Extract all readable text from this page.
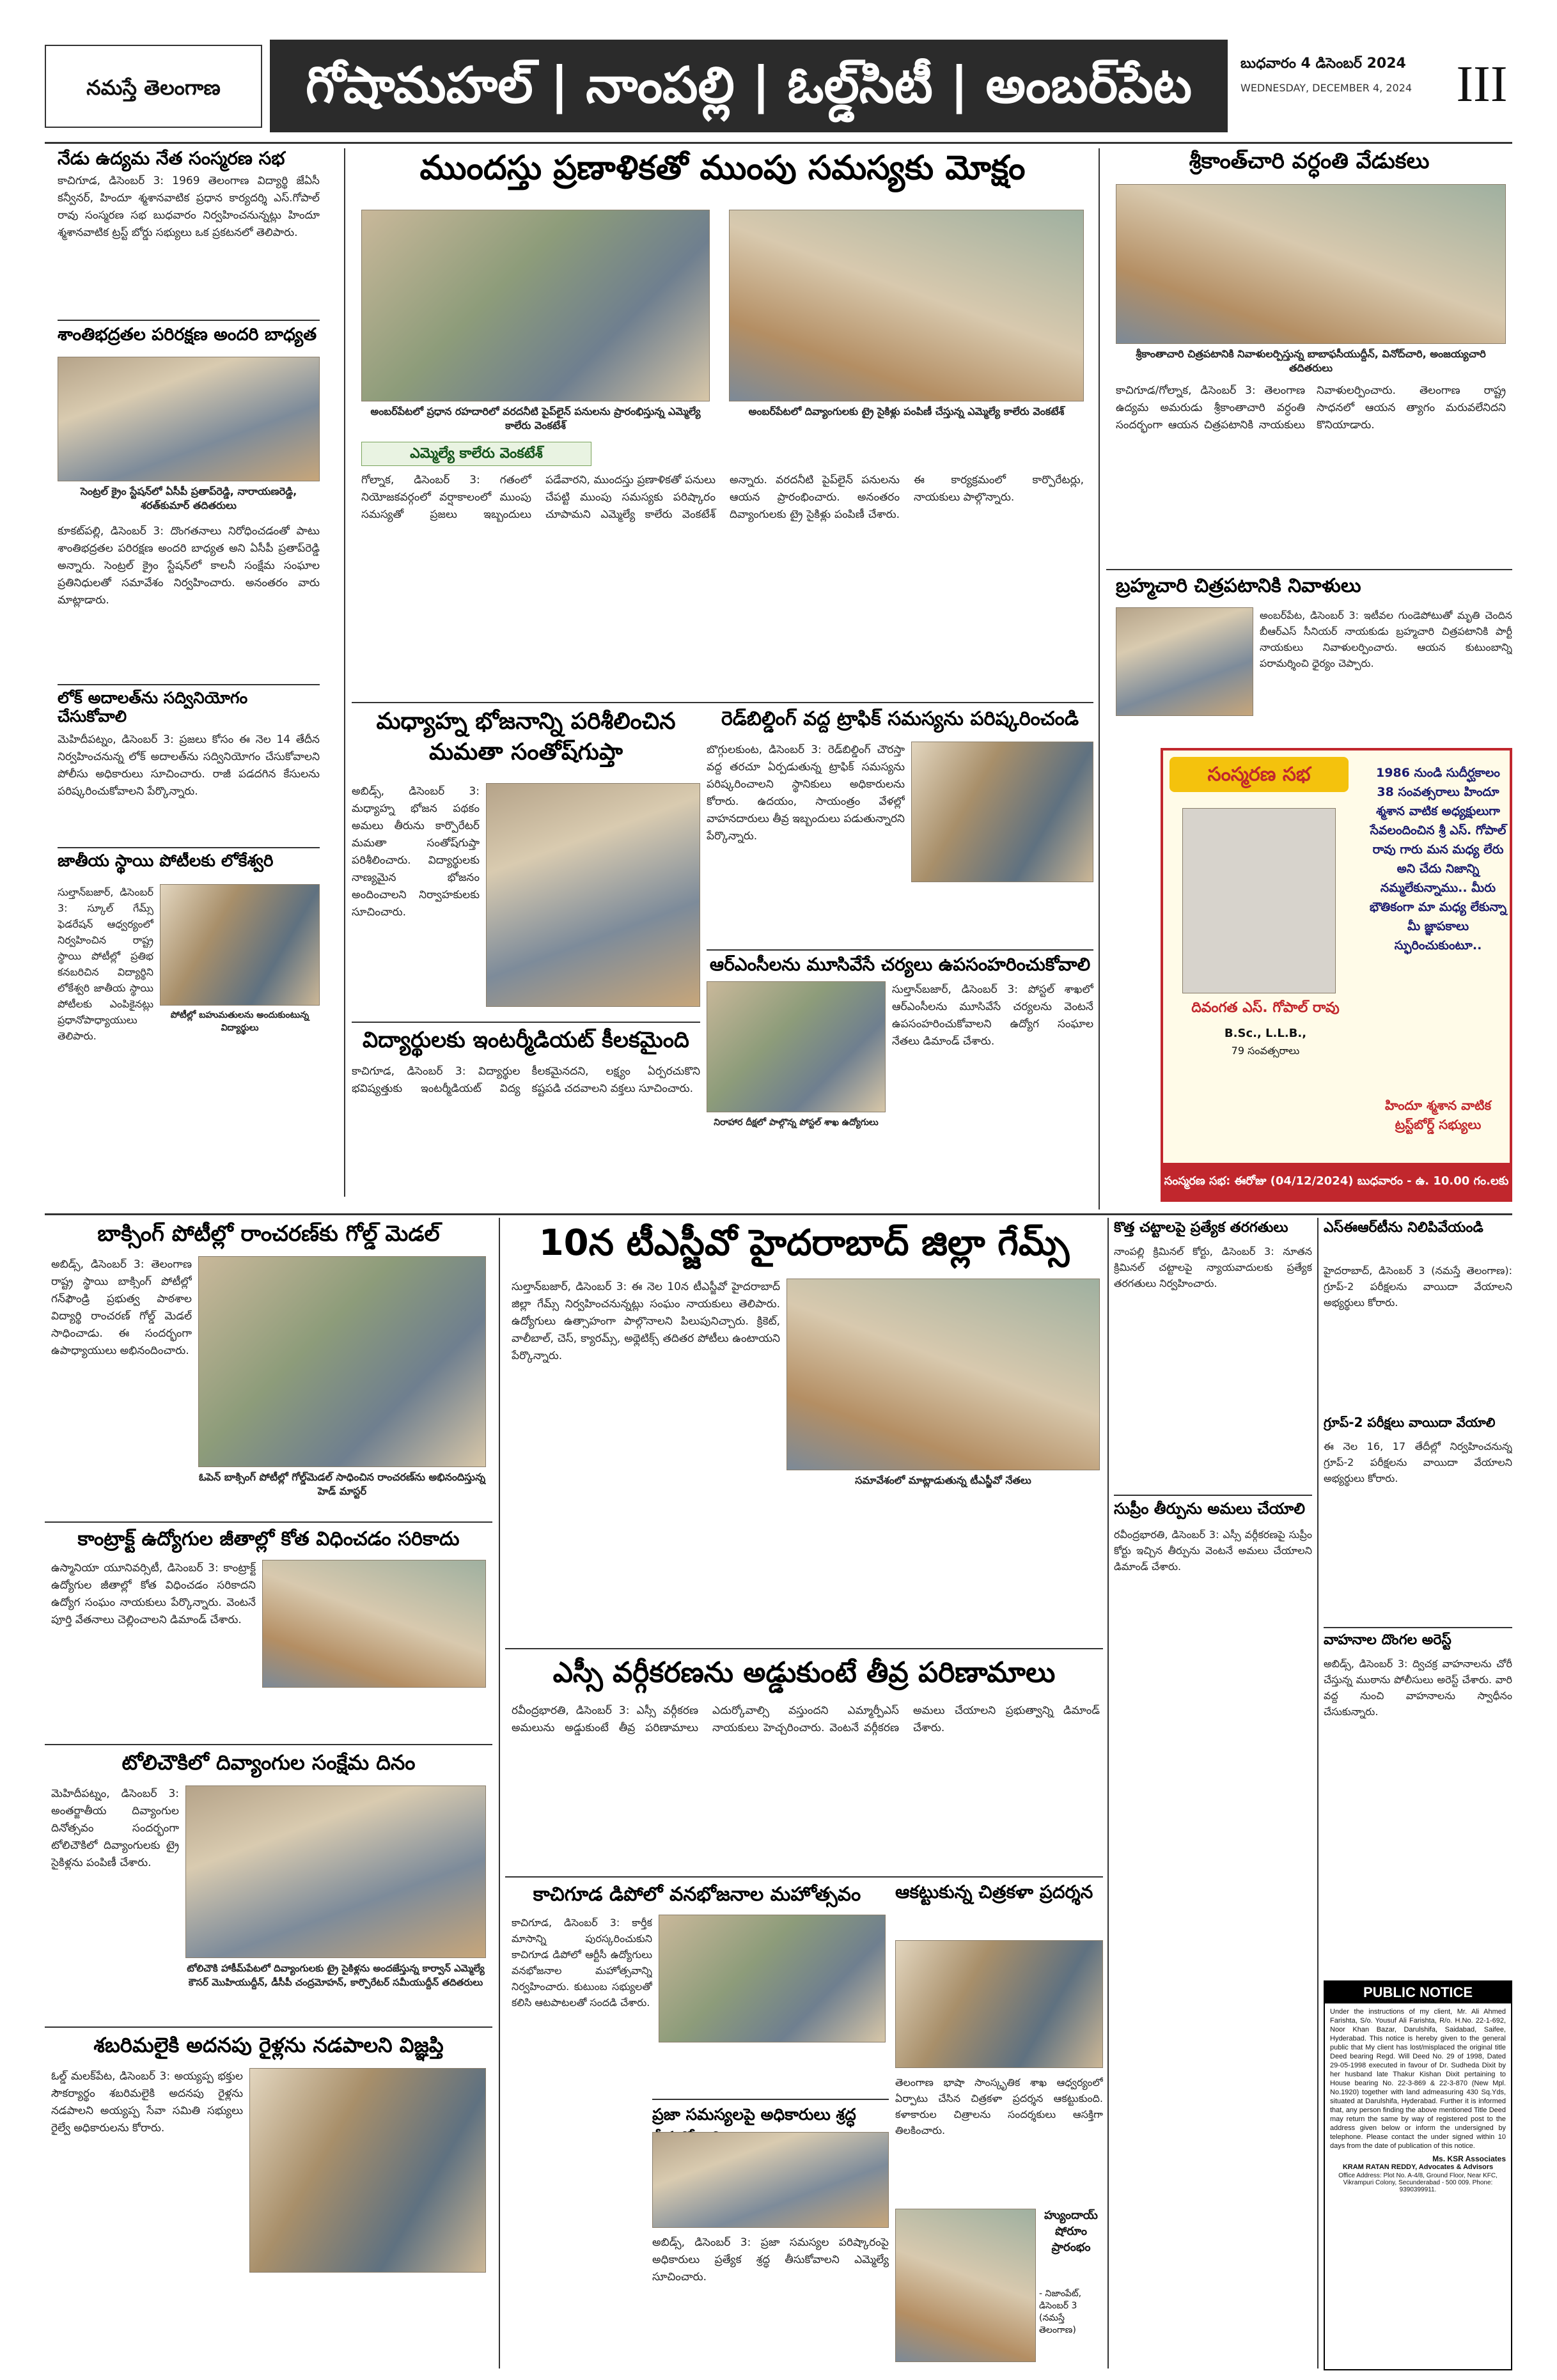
నమస్తే తెలంగాణ	గోషామహల్ | నాంపల్లి | ఓల్డ్‌సిటీ | అంబర్‌పేట	బుధవారం 4 డిసెంబర్ 2024
WEDNESDAY, DECEMBER 4, 2024 III
నేడు ఉద్యమ నేత సంస్మరణ సభ
కాచిగూడ, డిసెంబర్ 3: 1969 తెలంగాణ విద్యార్థి జేఏసీ కన్వీనర్, హిందూ శ్మశానవాటిక ప్రధాన కార్యదర్శి ఎస్.గోపాల్ రావు సంస్మరణ సభ బుధవారం నిర్వహించనున్నట్లు హిందూ శ్మశానవాటిక ట్రస్ట్ బోర్డు సభ్యులు ఒక ప్రకటనలో తెలిపారు.
శాంతిభద్రతల పరిరక్షణ అందరి బాధ్యత
సెంట్రల్ క్రైం స్టేషన్‌లో ఏసీపీ ప్రతాప్‌రెడ్డి, నారాయణరెడ్డి, శరత్‌కుమార్ తదితరులు
కూకట్‌పల్లి, డిసెంబర్ 3: దొంగతనాలు నిరోధించడంతో పాటు శాంతిభద్రతల పరిరక్షణ అందరి బాధ్యత అని ఏసీపీ ప్రతాప్‌రెడ్డి అన్నారు. సెంట్రల్ క్రైం స్టేషన్‌లో కాలనీ సంక్షేమ సంఘాల ప్రతినిధులతో సమావేశం నిర్వహించారు. అనంతరం వారు మాట్లాడారు.
లోక్ అదాలత్‌ను సద్వినియోగం చేసుకోవాలి
మెహిదీపట్నం, డిసెంబర్ 3: ప్రజలు కోసం ఈ నెల 14 తేదీన నిర్వహించనున్న లోక్ అదాలత్‌ను సద్వినియోగం చేసుకోవాలని పోలీసు అధికారులు సూచించారు. రాజీ పడదగిన కేసులను పరిష్కరించుకోవాలని పేర్కొన్నారు.
జాతీయ స్థాయి పోటీలకు లోకేశ్వరి
సుల్తాన్‌బజార్, డిసెంబర్ 3: స్కూల్ గేమ్స్ ఫెడరేషన్ ఆధ్వర్యంలో నిర్వహించిన రాష్ట్ర స్థాయి పోటీల్లో ప్రతిభ కనబరిచిన విద్యార్థిని లోకేశ్వరి జాతీయ స్థాయి పోటీలకు ఎంపికైనట్లు ప్రధానోపాధ్యాయులు తెలిపారు.
పోటీల్లో బహుమతులను అందుకుంటున్న విద్యార్థులు
ముందస్తు ప్రణాళికతో ముంపు సమస్యకు మోక్షం
అంబర్‌పేటలో ప్రధాన రహదారిలో వరదనీటి పైప్‌లైన్ పనులను ప్రారంభిస్తున్న ఎమ్మెల్యే కాలేరు వెంకటేశ్
అంబర్‌పేటలో దివ్యాంగులకు ట్రై సైకిళ్లు పంపిణీ చేస్తున్న ఎమ్మెల్యే కాలేరు వెంకటేశ్
ఎమ్మెల్యే కాలేరు వెంకటేశ్
గోల్నాక, డిసెంబర్ 3: గతంలో నియోజకవర్గంలో వర్షాకాలంలో ముంపు సమస్యతో ప్రజలు ఇబ్బందులు పడేవారని, ముందస్తు ప్రణాళికతో పనులు చేపట్టి ముంపు సమస్యకు పరిష్కారం చూపామని ఎమ్మెల్యే కాలేరు వెంకటేశ్ అన్నారు. వరదనీటి పైప్‌లైన్ పనులను ఆయన ప్రారంభించారు. అనంతరం దివ్యాంగులకు ట్రై సైకిళ్లు పంపిణీ చేశారు. ఈ కార్యక్రమంలో కార్పొరేటర్లు, నాయకులు పాల్గొన్నారు.
మధ్యాహ్న భోజనాన్ని పరిశీలించిన మమతా సంతోష్‌గుప్తా
అబిడ్స్, డిసెంబర్ 3: మధ్యాహ్న భోజన పథకం అమలు తీరును కార్పొరేటర్ మమతా సంతోష్‌గుప్తా పరిశీలించారు. విద్యార్థులకు నాణ్యమైన భోజనం అందించాలని నిర్వాహకులకు సూచించారు.
రెడ్‌బిల్డింగ్ వద్ద ట్రాఫిక్ సమస్యను పరిష్కరించండి
బొగ్గులకుంట, డిసెంబర్ 3: రెడ్‌బిల్డింగ్ చౌరస్తా వద్ద తరచూ ఏర్పడుతున్న ట్రాఫిక్ సమస్యను పరిష్కరించాలని స్థానికులు అధికారులను కోరారు. ఉదయం, సాయంత్రం వేళల్లో వాహనదారులు తీవ్ర ఇబ్బందులు పడుతున్నారని పేర్కొన్నారు.
ఆర్‌ఎంసీలను మూసివేసే చర్యలు ఉపసంహరించుకోవాలి
నిరాహార దీక్షలో పాల్గొన్న పోస్టల్ శాఖ ఉద్యోగులు
సుల్తాన్‌బజార్, డిసెంబర్ 3: పోస్టల్ శాఖలో ఆర్‌ఎంసీలను మూసివేసే చర్యలను వెంటనే ఉపసంహరించుకోవాలని ఉద్యోగ సంఘాల నేతలు డిమాండ్ చేశారు.
విద్యార్థులకు ఇంటర్మీడియట్ కీలకమైంది
కాచిగూడ, డిసెంబర్ 3: విద్యార్థుల భవిష్యత్తుకు ఇంటర్మీడియట్ విద్య కీలకమైనదని, లక్ష్యం ఏర్పరచుకొని కష్టపడి చదవాలని వక్తలు సూచించారు.
శ్రీకాంత్‌చారి వర్ధంతి వేడుకలు
శ్రీకాంతాచారి చిత్రపటానికి నివాళులర్పిస్తున్న బాబాఫసీయుద్దీన్, వినోద్‌చారి, అంజయ్యచారి తదితరులు
కాచిగూడ/గోల్నాక, డిసెంబర్ 3: తెలంగాణ ఉద్యమ అమరుడు శ్రీకాంతాచారి వర్ధంతి సందర్భంగా ఆయన చిత్రపటానికి నాయకులు నివాళులర్పించారు. తెలంగాణ రాష్ట్ర సాధనలో ఆయన త్యాగం మరువలేనిదని కొనియాడారు.
బ్రహ్మచారి చిత్రపటానికి నివాళులు
అంబర్‌పేట, డిసెంబర్ 3: ఇటీవల గుండెపోటుతో మృతి చెందిన బీఆర్‌ఎస్ సీనియర్ నాయకుడు బ్రహ్మచారి చిత్రపటానికి పార్టీ నాయకులు నివాళులర్పించారు. ఆయన కుటుంబాన్ని పరామర్శించి ధైర్యం చెప్పారు.
సంస్మరణ సభ
దివంగత ఎస్. గోపాల్ రావు
B.Sc., L.L.B.,
79 సంవత్సరాలు
1986 నుండి సుదీర్ఘకాలం 38 సంవత్సరాలు హిందూ శ్మశాన వాటిక అధ్యక్షులుగా సేవలందించిన శ్రీ ఎస్. గోపాల్ రావు గారు మన మధ్య లేరు అని చేదు నిజాన్ని నమ్మలేకున్నాము.. మీరు భౌతికంగా మా మధ్య లేకున్నా మీ జ్ఞాపకాలు స్ఫురించుకుంటూ..
హిందూ శ్మశాన వాటిక ట్రస్ట్‌బోర్డ్ సభ్యులు
సంస్మరణ సభ: ఈరోజు (04/12/2024) బుధవారం - ఉ. 10.00 గం.లకు
బాక్సింగ్ పోటీల్లో రాంచరణ్‌కు గోల్డ్ మెడల్
అబిడ్స్, డిసెంబర్ 3: తెలంగాణ రాష్ట్ర స్థాయి బాక్సింగ్ పోటీల్లో గన్‌ఫౌండ్రి ప్రభుత్వ పాఠశాల విద్యార్థి రాంచరణ్ గోల్డ్ మెడల్ సాధించాడు. ఈ సందర్భంగా ఉపాధ్యాయులు అభినందించారు.
ఓపెన్ బాక్సింగ్ పోటీల్లో గోల్డ్‌మెడల్ సాధించిన రాంచరణ్‌ను అభినందిస్తున్న హెడ్ మాస్టర్
కాంట్రాక్ట్ ఉద్యోగుల జీతాల్లో కోత విధించడం సరికాదు
ఉస్మానియా యూనివర్సిటీ, డిసెంబర్ 3: కాంట్రాక్ట్ ఉద్యోగుల జీతాల్లో కోత విధించడం సరికాదని ఉద్యోగ సంఘం నాయకులు పేర్కొన్నారు. వెంటనే పూర్తి వేతనాలు చెల్లించాలని డిమాండ్ చేశారు.
టోలిచౌకిలో దివ్యాంగుల సంక్షేమ దినం
మెహిదీపట్నం, డిసెంబర్ 3: అంతర్జాతీయ దివ్యాంగుల దినోత్సవం సందర్భంగా టోలిచౌకిలో దివ్యాంగులకు ట్రై సైకిళ్లను పంపిణీ చేశారు.
టోలిచౌకి హాకీమ్‌పేటలో దివ్యాంగులకు ట్రై సైకిళ్లను అందజేస్తున్న కార్వాన్ ఎమ్మెల్యే కౌసర్ మొహియుద్దీన్, డీసీపీ చంద్రమోహన్, కార్పొరేటర్ సమీయుద్దీన్ తదితరులు
శబరిమలైకి అదనపు రైళ్లను నడపాలని విజ్ఞప్తి
ఓల్డ్ మలక్‌పేట, డిసెంబర్ 3: అయ్యప్ప భక్తుల సౌకర్యార్థం శబరిమలైకి అదనపు రైళ్లను నడపాలని అయ్యప్ప సేవా సమితి సభ్యులు రైల్వే అధికారులను కోరారు.
10న టీఎస్జీవో హైదరాబాద్ జిల్లా గేమ్స్
సుల్తాన్‌బజార్, డిసెంబర్ 3: ఈ నెల 10న టీఎస్జీవో హైదరాబాద్ జిల్లా గేమ్స్ నిర్వహించనున్నట్లు సంఘం నాయకులు తెలిపారు. ఉద్యోగులు ఉత్సాహంగా పాల్గొనాలని పిలుపునిచ్చారు. క్రికెట్, వాలీబాల్, చెస్, క్యారమ్స్, అథ్లెటిక్స్ తదితర పోటీలు ఉంటాయని పేర్కొన్నారు.
సమావేశంలో మాట్లాడుతున్న టీఎస్జీవో నేతలు
ఎస్సీ వర్గీకరణను అడ్డుకుంటే తీవ్ర పరిణామాలు
రవీంద్రభారతి, డిసెంబర్ 3: ఎస్సీ వర్గీకరణ అమలును అడ్డుకుంటే తీవ్ర పరిణామాలు ఎదుర్కోవాల్సి వస్తుందని ఎమ్మార్పీఎస్ నాయకులు హెచ్చరించారు. వెంటనే వర్గీకరణ అమలు చేయాలని ప్రభుత్వాన్ని డిమాండ్ చేశారు.
కాచిగూడ డిపోలో వనభోజనాల మహోత్సవం
కాచిగూడ, డిసెంబర్ 3: కార్తీక మాసాన్ని పురస్కరించుకుని కాచిగూడ డిపోలో ఆర్టీసీ ఉద్యోగులు వనభోజనాల మహోత్సవాన్ని నిర్వహించారు. కుటుంబ సభ్యులతో కలిసి ఆటపాటలతో సందడి చేశారు.
ప్రజా సమస్యలపై అధికారులు శ్రద్ధ
అబిడ్స్, డిసెంబర్ 3: ప్రజా సమస్యల పరిష్కారంపై అధికారులు ప్రత్యేక శ్రద్ధ తీసుకోవాలని ఎమ్మెల్యే సూచించారు.
ఆకట్టుకున్న చిత్రకళా ప్రదర్శన
తెలంగాణ భాషా సాంస్కృతిక శాఖ ఆధ్వర్యంలో ఏర్పాటు చేసిన చిత్రకళా ప్రదర్శన ఆకట్టుకుంది. కళాకారుల చిత్రాలను సందర్శకులు ఆసక్తిగా తిలకించారు.
హ్యుందాయ్ షోరూం ప్రారంభం
- నిజాంపేట్, డిసెంబర్ 3 (నమస్తే తెలంగాణ)
కొత్త చట్టాలపై ప్రత్యేక తరగతులు
నాంపల్లి క్రిమినల్ కోర్టు, డిసెంబర్ 3: నూతన క్రిమినల్ చట్టాలపై న్యాయవాదులకు ప్రత్యేక తరగతులు నిర్వహించారు.
సుప్రీం తీర్పును అమలు చేయాలి
రవీంద్రభారతి, డిసెంబర్ 3: ఎస్సీ వర్గీకరణపై సుప్రీం కోర్టు ఇచ్చిన తీర్పును వెంటనే అమలు చేయాలని డిమాండ్ చేశారు.
ఎస్‌ఈఆర్‌టీను నిలిపివేయండి
హైదరాబాద్, డిసెంబర్ 3 (నమస్తే తెలంగాణ): గ్రూప్-2 పరీక్షలను వాయిదా వేయాలని అభ్యర్థులు కోరారు.
గ్రూప్-2 పరీక్షలు వాయిదా వేయాలి
ఈ నెల 16, 17 తేదీల్లో నిర్వహించనున్న గ్రూప్-2 పరీక్షలను వాయిదా వేయాలని అభ్యర్థులు కోరారు.
వాహనాల దొంగల అరెస్ట్
అబిడ్స్, డిసెంబర్ 3: ద్విచక్ర వాహనాలను చోరీ చేస్తున్న ముఠాను పోలీసులు అరెస్ట్ చేశారు. వారి వద్ద నుంచి వాహనాలను స్వాధీనం చేసుకున్నారు.
PUBLIC NOTICE
Under the instructions of my client, Mr. Ali Ahmed Farishta, S/o. Yousuf Ali Farishta, R/o. H.No. 22-1-692, Noor Khan Bazar, Darulshifa, Saidabad, Saifee, Hyderabad. This notice is hereby given to the general public that My client has lost/misplaced the original title Deed bearing Regd. Will Deed No. 29 of 1998, Dated 29-05-1998 executed in favour of Dr. Sudheda Dixit by her husband late Thakur Kishan Dixit pertaining to House bearing No. 22-3-869 & 22-3-870 (New Mpl. No.1920) together with land admeasuring 430 Sq.Yds, situated at Darulshifa, Hyderabad. Further it is informed that, any person finding the above mentioned Title Deed may return the same by way of registered post to the address given below or inform the undersigned by telephone. Please contact the under signed within 10 days from the date of publication of this notice.
Ms. KSR Associates
KRAM RATAN REDDY, Advocates & Advisors
Office Address: Plot No. A-4/8, Ground Floor, Near KFC, Vikrampuri Colony, Secunderabad - 500 009. Phone: 9390399911.
